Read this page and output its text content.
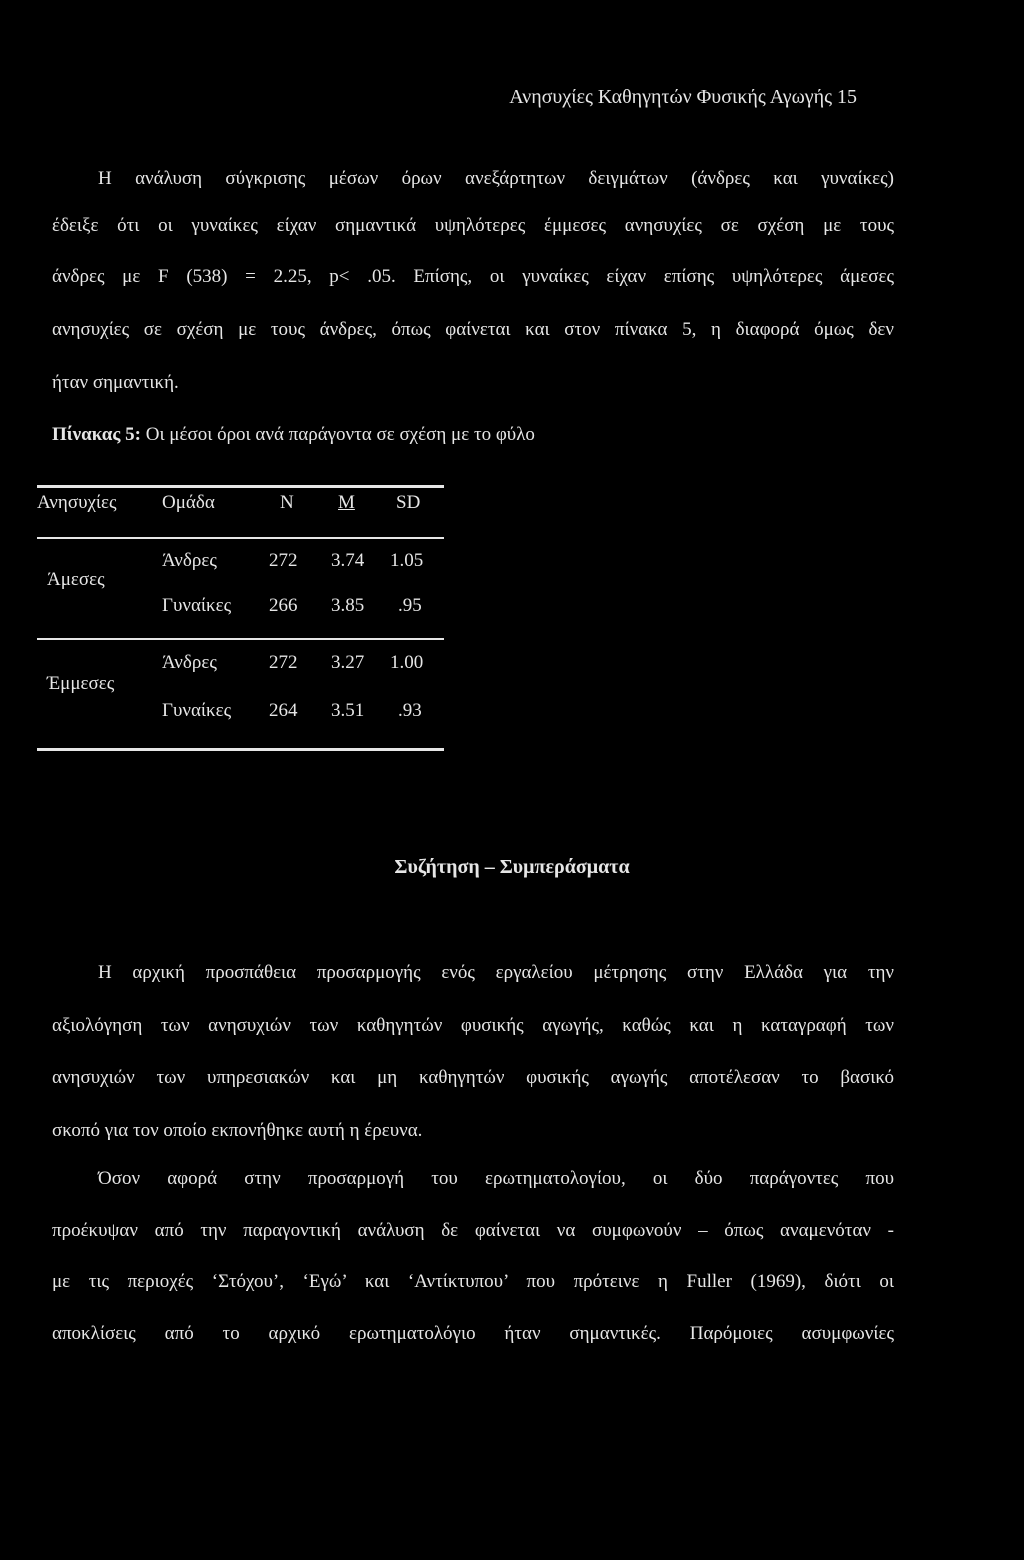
Ανησυχίες Καθηγητών Φυσικής Αγωγής 15
Η ανάλυση σύγκρισης μέσων όρων ανεξάρτητων δειγμάτων (άνδρες και γυναίκες)
έδειξε ότι οι γυναίκες είχαν σημαντικά υψηλότερες έμμεσες ανησυχίες σε σχέση με τους
άνδρες με F (538) = 2.25, p< .05. Επίσης, οι γυναίκες είχαν επίσης υψηλότερες άμεσες
ανησυχίες σε σχέση με τους άνδρες, όπως φαίνεται και στον πίνακα 5, η διαφορά όμως δεν
ήταν σημαντική.
Πίνακας 5: Οι μέσοι όροι ανά παράγοντα σε σχέση με το φύλο
Ανησυχίες Ομάδα	N M SD
Άμεσες
Άνδρες	272 3.74 1.05
Γυναίκες 266 3.85 .95
Έμμεσες
Άνδρες	272 3.27 1.00
Γυναίκες 264 3.51 .93
Συζήτηση – Συμπεράσματα
Η αρχική προσπάθεια προσαρμογής ενός εργαλείου μέτρησης στην Ελλάδα για την
αξιολόγηση των ανησυχιών των καθηγητών φυσικής αγωγής, καθώς και η καταγραφή των
ανησυχιών των υπηρεσιακών και μη καθηγητών φυσικής αγωγής αποτέλεσαν το βασικό
σκοπό για τον οποίο εκπονήθηκε αυτή η έρευνα.
Όσον αφορά στην προσαρμογή του ερωτηματολογίου, οι δύο παράγοντες που
προέκυψαν από την παραγοντική ανάλυση δε φαίνεται να συμφωνούν – όπως αναμενόταν -
με τις περιοχές ‘Στόχου’, ‘Εγώ’ και ‘Αντίκτυπου’ που πρότεινε η Fuller (1969), διότι οι
αποκλίσεις από το αρχικό ερωτηματολόγιο ήταν σημαντικές. Παρόμοιες ασυμφωνίες
